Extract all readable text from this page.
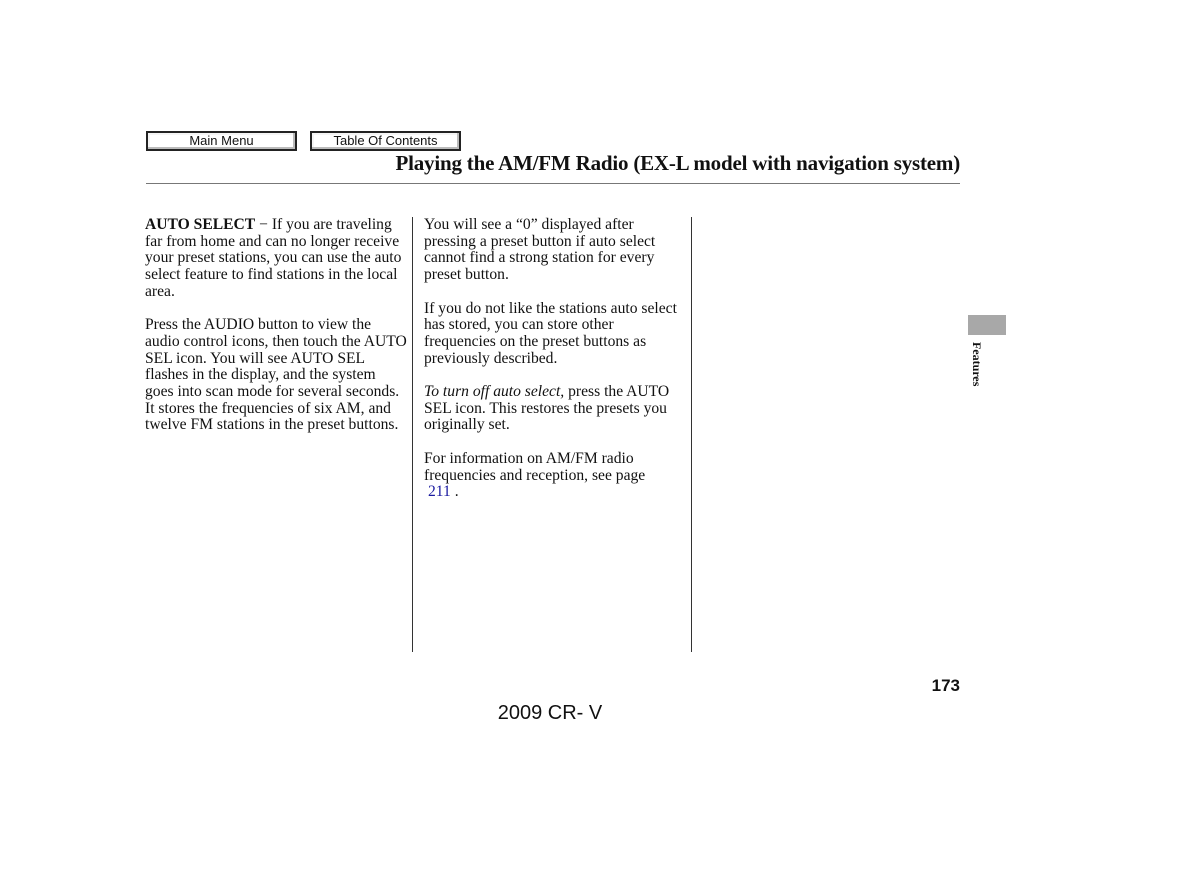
Main Menu	Table Of Contents
Playing the AM/FM Radio (EX-L model with navigation system)

AUTO SELECT − If you are traveling far from home and can no longer receive your preset stations, you can use the auto select feature to find stations in the local area.

Press the AUDIO button to view the audio control icons, then touch the AUTO SEL icon. You will see AUTO SEL flashes in the display, and the system goes into scan mode for several seconds. It stores the frequencies of six AM, and twelve FM stations in the preset buttons.

You will see a “0” displayed after pressing a preset button if auto select cannot find a strong station for every preset button.

If you do not like the stations auto select has stored, you can store other frequencies on the preset buttons as previously described.

To turn off auto select, press the AUTO SEL icon. This restores the presets you originally set.

For information on AM/FM radio frequencies and reception, see page
211 .

Features
173
2009 CR- V
